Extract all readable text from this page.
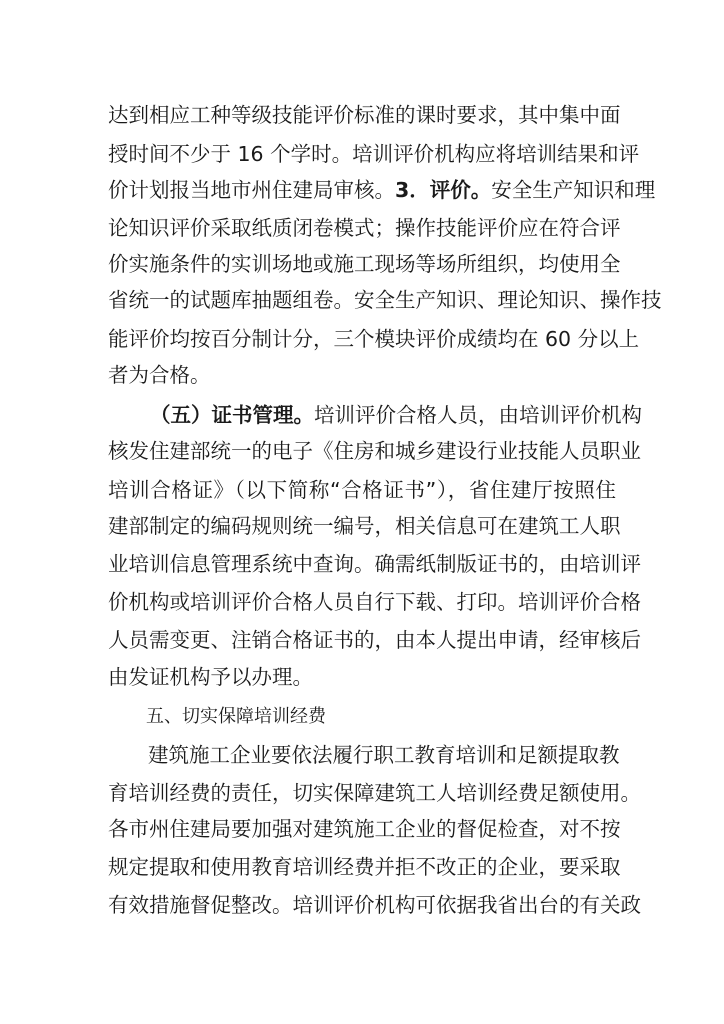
达到相应工种等级技能评价标准的课时要求，其中集中面
授时间不少于 16 个学时。培训评价机构应将培训结果和评
价计划报当地市州住建局审核。3．评价。安全生产知识和理
论知识评价采取纸质闭卷模式；操作技能评价应在符合评
价实施条件的实训场地或施工现场等场所组织，均使用全
省统一的试题库抽题组卷。安全生产知识、理论知识、操作技
能评价均按百分制计分，三个模块评价成绩均在 60 分以上
者为合格。
（五）证书管理。培训评价合格人员，由培训评价机构
核发住建部统一的电子《住房和城乡建设行业技能人员职业
培训合格证》（以下简称“合格证书”），省住建厅按照住
建部制定的编码规则统一编号，相关信息可在建筑工人职
业培训信息管理系统中查询。确需纸制版证书的，由培训评
价机构或培训评价合格人员自行下载、打印。培训评价合格
人员需变更、注销合格证书的，由本人提出申请，经审核后
由发证机构予以办理。
五、切实保障培训经费
建筑施工企业要依法履行职工教育培训和足额提取教
育培训经费的责任，切实保障建筑工人培训经费足额使用。
各市州住建局要加强对建筑施工企业的督促检查，对不按
规定提取和使用教育培训经费并拒不改正的企业，要采取
有效措施督促整改。培训评价机构可依据我省出台的有关政
